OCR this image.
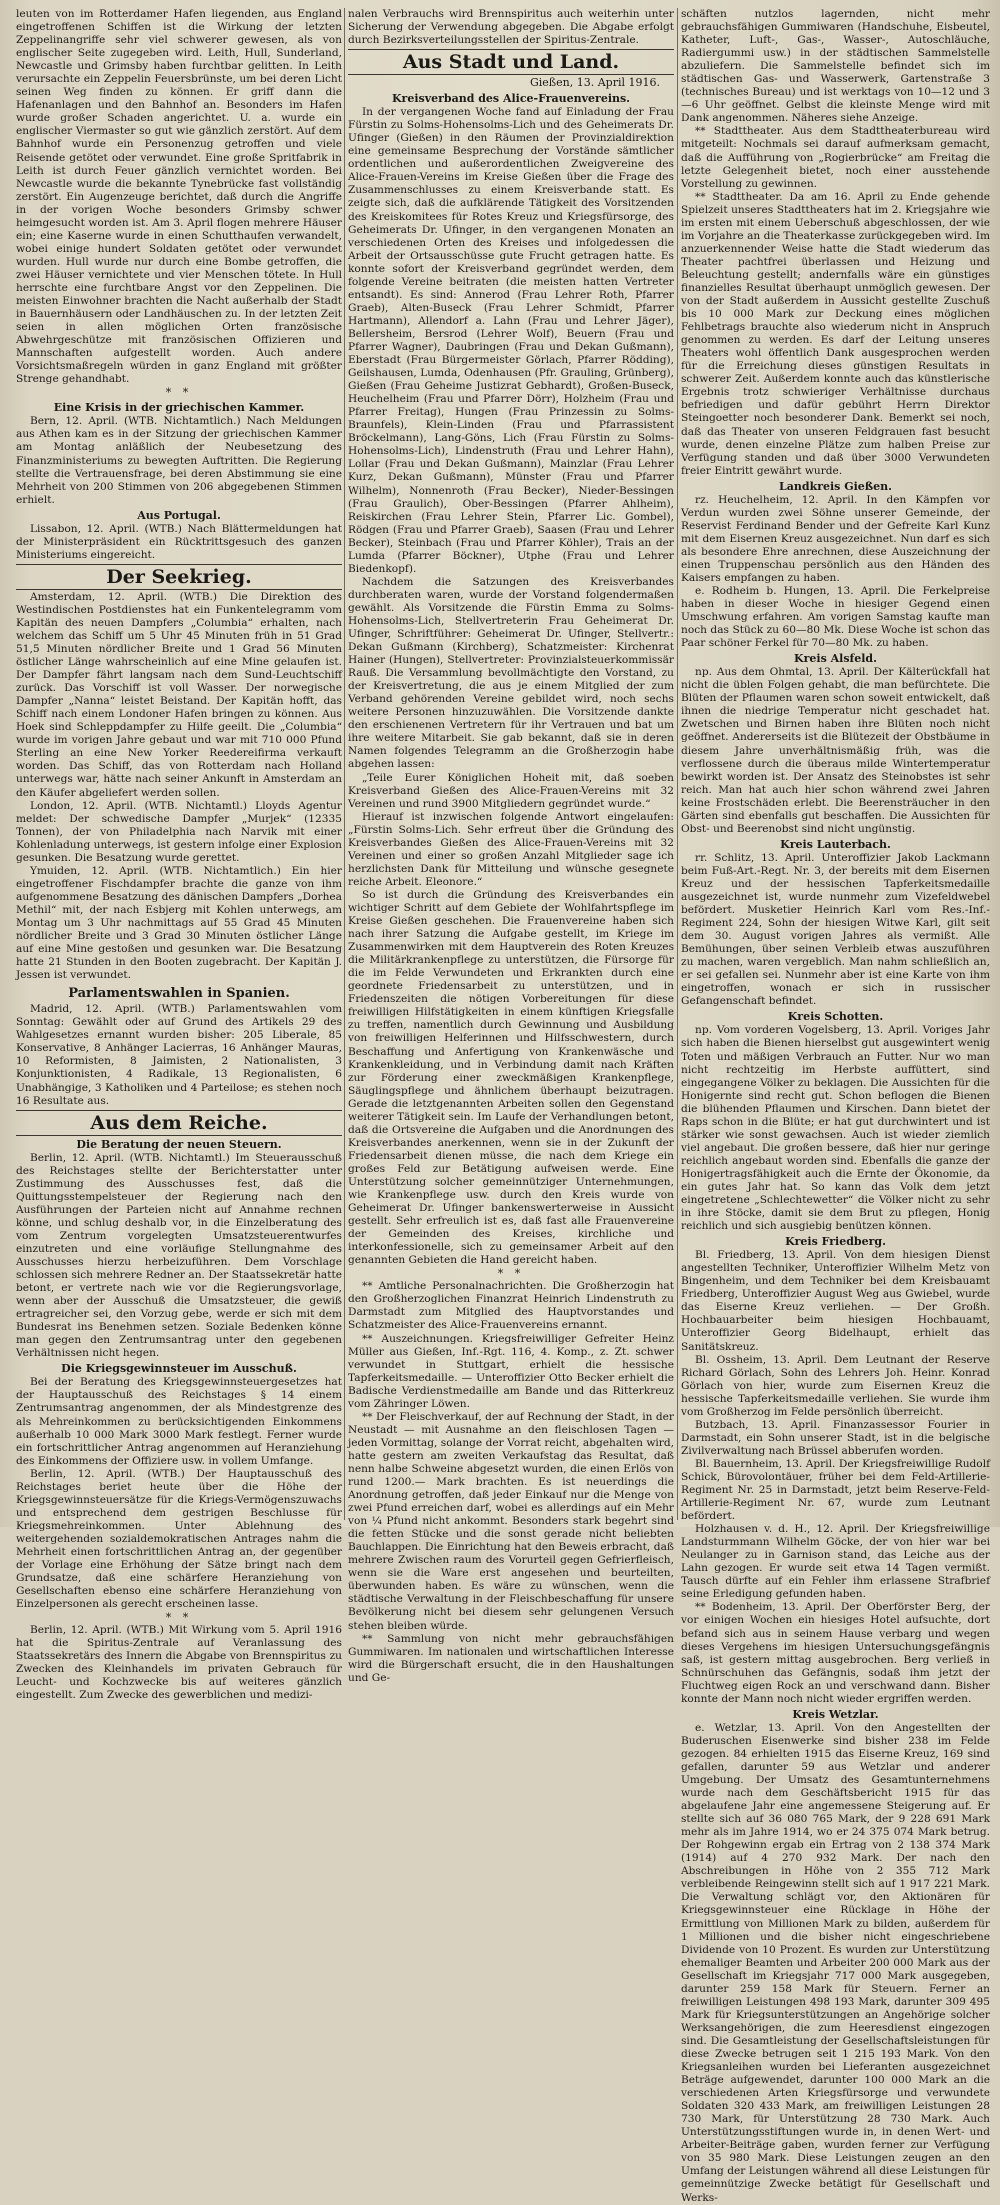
leuten von im Rotterdamer Hafen liegenden, aus England eingetroffenen Schiffen ist die Wirkung der letzten Zeppelinangriffe sehr viel schwerer gewesen, als von englischer Seite zugegeben wird. Leith, Hull, Sunderland, Newcastle und Grimsby haben furchtbar gelitten. In Leith verursachte ein Zeppelin Feuersbrünste, um bei deren Licht seinen Weg finden zu können. Er griff dann die Hafenanlagen und den Bahnhof an. Besonders im Hafen wurde großer Schaden angerichtet. U. a. wurde ein englischer Viermaster so gut wie gänzlich zerstört. Auf dem Bahnhof wurde ein Personenzug getroffen und viele Reisende getötet oder verwundet. Eine große Spritfabrik in Leith ist durch Feuer gänzlich vernichtet worden. Bei Newcastle wurde die bekannte Tynebrücke fast vollständig zerstört. Ein Augenzeuge berichtet, daß durch die Angriffe in der vorigen Woche besonders Grimsby schwer heimgesucht worden ist. Am 3. April flogen mehrere Häuser ein; eine Kaserne wurde in einen Schutthaufen verwandelt, wobei einige hundert Soldaten getötet oder verwundet wurden. Hull wurde nur durch eine Bombe getroffen, die zwei Häuser vernichtete und vier Menschen tötete. In Hull herrschte eine furchtbare Angst vor den Zeppelinen. Die meisten Einwohner brachten die Nacht außerhalb der Stadt in Bauernhäusern oder Landhäuschen zu. In der letzten Zeit seien in allen möglichen Orten französische Abwehrgeschütze mit französischen Offizieren und Mannschaften aufgestellt worden. Auch andere Vorsichtsmaßregeln würden in ganz England mit größter Strenge gehandhabt.

* *
Eine Krisis in der griechischen Kammer.

Bern, 12. April. (WTB. Nichtamtlich.) Nach Meldungen aus Athen kam es in der Sitzung der griechischen Kammer am Montag anläßlich der Neubesetzung des Finanzministeriums zu bewegten Auftritten. Die Regierung stellte die Vertrauensfrage, bei deren Abstimmung sie eine Mehrheit von 200 Stimmen von 206 abgegebenen Stimmen erhielt.

Aus Portugal.

Lissabon, 12. April. (WTB.) Nach Blättermeldungen hat der Ministerpräsident ein Rücktrittsgesuch des ganzen Ministeriums eingereicht.

Der Seekrieg.

Amsterdam, 12. April. (WTB.) Die Direktion des Westindischen Postdienstes hat ein Funkentelegramm vom Kapitän des neuen Dampfers „Columbia“ erhalten, nach welchem das Schiff um 5 Uhr 45 Minuten früh in 51 Grad 51,5 Minuten nördlicher Breite und 1 Grad 56 Minuten östlicher Länge wahrscheinlich auf eine Mine gelaufen ist. Der Dampfer fährt langsam nach dem Sund-Leuchtschiff zurück. Das Vorschiff ist voll Wasser. Der norwegische Dampfer „Nanna“ leistet Beistand. Der Kapitän hofft, das Schiff nach einem Londoner Hafen bringen zu können. Aus Hoek sind Schleppdampfer zu Hilfe geeilt. Die „Columbia“ wurde im vorigen Jahre gebaut und war mit 710 000 Pfund Sterling an eine New Yorker Reedereifirma verkauft worden. Das Schiff, das von Rotterdam nach Holland unterwegs war, hätte nach seiner Ankunft in Amsterdam an den Käufer abgeliefert werden sollen.

London, 12. April. (WTB. Nichtamtl.) Lloyds Agentur meldet: Der schwedische Dampfer „Murjek“ (12335 Tonnen), der von Philadelphia nach Narvik mit einer Kohlenladung unterwegs, ist gestern infolge einer Explosion gesunken. Die Besatzung wurde gerettet.

Ymuiden, 12. April. (WTB. Nichtamtlich.) Ein hier eingetroffener Fischdampfer brachte die ganze von ihm aufgenommene Besatzung des dänischen Dampfers „Dorhea Methil“ mit, der nach Esbjerg mit Kohlen unterwegs, am Montag um 3 Uhr nachmittags auf 55 Grad 45 Minuten nördlicher Breite und 3 Grad 30 Minuten östlicher Länge auf eine Mine gestoßen und gesunken war. Die Besatzung hatte 21 Stunden in den Booten zugebracht. Der Kapitän J. Jessen ist verwundet.

Parlamentswahlen in Spanien.

Madrid, 12. April. (WTB.) Parlamentswahlen vom Sonntag: Gewählt oder auf Grund des Artikels 29 des Wahlgesetzes ernannt wurden bisher: 205 Liberale, 85 Konservative, 8 Anhänger Lacierras, 16 Anhänger Mauras, 10 Reformisten, 8 Jaimisten, 2 Nationalisten, 3 Konjunktionisten, 4 Radikale, 13 Regionalisten, 6 Unabhängige, 3 Katholiken und 4 Parteilose; es stehen noch 16 Resultate aus.

Aus dem Reiche.
Die Beratung der neuen Steuern.

Berlin, 12. April. (WTB. Nichtamtl.) Im Steuerausschuß des Reichstages stellte der Berichterstatter unter Zustimmung des Ausschusses fest, daß die Quittungsstempelsteuer der Regierung nach den Ausführungen der Parteien nicht auf Annahme rechnen könne, und schlug deshalb vor, in die Einzelberatung des vom Zentrum vorgelegten Umsatzsteuerentwurfes einzutreten und eine vorläufige Stellungnahme des Ausschusses hierzu herbeizuführen. Dem Vorschlage schlossen sich mehrere Redner an. Der Staatssekretär hatte betont, er vertrete nach wie vor die Regierungsvorlage, wenn aber der Ausschuß die Umsatzsteuer, die gewiß ertragreicher sei, den Vorzug gebe, werde er sich mit dem Bundesrat ins Benehmen setzen. Soziale Bedenken könne man gegen den Zentrumsantrag unter den gegebenen Verhältnissen nicht hegen.

Die Kriegsgewinnsteuer im Ausschuß.

Bei der Beratung des Kriegsgewinnsteuergesetzes hat der Hauptausschuß des Reichstages § 14 einem Zentrumsantrag angenommen, der als Mindestgrenze des als Mehreinkommen zu berücksichtigenden Einkommens außerhalb 10 000 Mark 3000 Mark festlegt. Ferner wurde ein fortschrittlicher Antrag angenommen auf Heranziehung des Einkommens der Offiziere usw. in vollem Umfange.

Berlin, 12. April. (WTB.) Der Hauptausschuß des Reichstages beriet heute über die Höhe der Kriegsgewinnsteuersätze für die Kriegs-Vermögenszuwachs und entsprechend dem gestrigen Beschlusse für Kriegsmehreinkommen. Unter Ablehnung des weitergehenden sozialdemokratischen Antrages nahm die Mehrheit einen fortschrittlichen Antrag an, der gegenüber der Vorlage eine Erhöhung der Sätze bringt nach dem Grundsatze, daß eine schärfere Heranziehung von Gesellschaften ebenso eine schärfere Heranziehung von Einzelpersonen als gerecht erscheinen lasse.

* *

Berlin, 12. April. (WTB.) Mit Wirkung vom 5. April 1916 hat die Spiritus-Zentrale auf Veranlassung des Staatssekretärs des Innern die Abgabe von Brennspiritus zu Zwecken des Kleinhandels im privaten Gebrauch für Leucht- und Kochzwecke bis auf weiteres gänzlich eingestellt. Zum Zwecke des gewerblichen und medizi-

nalen Verbrauchs wird Brennspiritus auch weiterhin unter Sicherung der Verwendung abgegeben. Die Abgabe erfolgt durch Bezirksverteilungsstellen der Spiritus-Zentrale.

Aus Stadt und Land.
Gießen, 13. April 1916.
Kreisverband des Alice-Frauenvereins.

In der vergangenen Woche fand auf Einladung der Frau Fürstin zu Solms-Hohensolms-Lich und des Geheimerats Dr. Ufinger (Gießen) in den Räumen der Provinzialdirektion eine gemeinsame Besprechung der Vorstände sämtlicher ordentlichen und außerordentlichen Zweigvereine des Alice-Frauen-Vereins im Kreise Gießen über die Frage des Zusammenschlusses zu einem Kreisverbande statt. Es zeigte sich, daß die aufklärende Tätigkeit des Vorsitzenden des Kreiskomitees für Rotes Kreuz und Kriegsfürsorge, des Geheimerats Dr. Ufinger, in den vergangenen Monaten an verschiedenen Orten des Kreises und infolgedessen die Arbeit der Ortsausschüsse gute Frucht getragen hatte. Es konnte sofort der Kreisverband gegründet werden, dem folgende Vereine beitraten (die meisten hatten Vertreter entsandt). Es sind: Annerod (Frau Lehrer Roth, Pfarrer Graeb), Alten-Buseck (Frau Lehrer Schmidt, Pfarrer Hartmann), Allendorf a. Lahn (Frau und Lehrer Jäger), Bellersheim, Bersrod (Lehrer Wolf), Beuern (Frau und Pfarrer Wagner), Daubringen (Frau und Dekan Gußmann), Eberstadt (Frau Bürgermeister Görlach, Pfarrer Rödding), Geilshausen, Lumda, Odenhausen (Pfr. Grauling, Grünberg), Gießen (Frau Geheime Justizrat Gebhardt), Großen-Buseck, Heuchelheim (Frau und Pfarrer Dörr), Holzheim (Frau und Pfarrer Freitag), Hungen (Frau Prinzessin zu Solms-Braunfels), Klein-Linden (Frau und Pfarrassistent Bröckelmann), Lang-Göns, Lich (Frau Fürstin zu Solms-Hohensolms-Lich), Lindenstruth (Frau und Lehrer Hahn), Lollar (Frau und Dekan Gußmann), Mainzlar (Frau Lehrer Kurz, Dekan Gußmann), Münster (Frau und Pfarrer Wilhelm), Nonnenroth (Frau Becker), Nieder-Bessingen (Frau Graulich), Ober-Bessingen (Pfarrer Ahlheim), Reiskirchen (Frau Lehrer Stein, Pfarrer Lic. Gombel), Rödgen (Frau und Pfarrer Graeb), Saasen (Frau und Lehrer Becker), Steinbach (Frau und Pfarrer Köhler), Trais an der Lumda (Pfarrer Böckner), Utphe (Frau und Lehrer Biedenkopf).

Nachdem die Satzungen des Kreisverbandes durchberaten waren, wurde der Vorstand folgendermaßen gewählt. Als Vorsitzende die Fürstin Emma zu Solms-Hohensolms-Lich, Stellvertreterin Frau Geheimerat Dr. Ufinger, Schriftführer: Geheimerat Dr. Ufinger, Stellvertr.: Dekan Gußmann (Kirchberg), Schatzmeister: Kirchenrat Hainer (Hungen), Stellvertreter: Provinzialsteuerkommissär Rauß. Die Versammlung bevollmächtigte den Vorstand, zu der Kreisvertretung, die aus je einem Mitglied der zum Verband gehörenden Vereine gebildet wird, noch sechs weitere Personen hinzuzuwählen. Die Vorsitzende dankte den erschienenen Vertretern für ihr Vertrauen und bat um ihre weitere Mitarbeit. Sie gab bekannt, daß sie in deren Namen folgendes Telegramm an die Großherzogin habe abgehen lassen:

„Teile Eurer Königlichen Hoheit mit, daß soeben Kreisverband Gießen des Alice-Frauen-Vereins mit 32 Vereinen und rund 3900 Mitgliedern gegründet wurde.“

Hierauf ist inzwischen folgende Antwort eingelaufen: „Fürstin Solms-Lich. Sehr erfreut über die Gründung des Kreisverbandes Gießen des Alice-Frauen-Vereins mit 32 Vereinen und einer so großen Anzahl Mitglieder sage ich herzlichsten Dank für Mitteilung und wünsche gesegnete reiche Arbeit. Eleonore.“

So ist durch die Gründung des Kreisverbandes ein wichtiger Schritt auf dem Gebiete der Wohlfahrtspflege im Kreise Gießen geschehen. Die Frauenvereine haben sich nach ihrer Satzung die Aufgabe gestellt, im Kriege im Zusammenwirken mit dem Hauptverein des Roten Kreuzes die Militärkrankenpflege zu unterstützen, die Fürsorge für die im Felde Verwundeten und Erkrankten durch eine geordnete Friedensarbeit zu unterstützen, und in Friedenszeiten die nötigen Vorbereitungen für diese freiwilligen Hilfstätigkeiten in einem künftigen Kriegsfalle zu treffen, namentlich durch Gewinnung und Ausbildung von freiwilligen Helferinnen und Hilfsschwestern, durch Beschaffung und Anfertigung von Krankenwäsche und Krankenkleidung, und in Verbindung damit nach Kräften zur Förderung einer zweckmäßigen Krankenpflege, Säuglingspflege und ähnlichem überhaupt beizutragen. Gerade die letztgenannten Arbeiten sollen den Gegenstand weiterer Tätigkeit sein. Im Laufe der Verhandlungen betont, daß die Ortsvereine die Aufgaben und die Anordnungen des Kreisverbandes anerkennen, wenn sie in der Zukunft der Friedensarbeit dienen müsse, die nach dem Kriege ein großes Feld zur Betätigung aufweisen werde. Eine Unterstützung solcher gemeinnütziger Unternehmungen, wie Krankenpflege usw. durch den Kreis wurde von Geheimerat Dr. Ufinger bankenswerterweise in Aussicht gestellt. Sehr erfreulich ist es, daß fast alle Frauenvereine der Gemeinden des Kreises, kirchliche und interkonfessionelle, sich zu gemeinsamer Arbeit auf den genannten Gebieten die Hand gereicht haben.

* *

** Amtliche Personalnachrichten. Die Großherzogin hat den Großherzoglichen Finanzrat Heinrich Lindenstruth zu Darmstadt zum Mitglied des Hauptvorstandes und Schatzmeister des Alice-Frauenvereins ernannt.

** Auszeichnungen. Kriegsfreiwilliger Gefreiter Heinz Müller aus Gießen, Inf.-Rgt. 116, 4. Komp., z. Zt. schwer verwundet in Stuttgart, erhielt die hessische Tapferkeitsmedaille. — Unteroffizier Otto Becker erhielt die Badische Verdienstmedaille am Bande und das Ritterkreuz vom Zähringer Löwen.

** Der Fleischverkauf, der auf Rechnung der Stadt, in der Neustadt — mit Ausnahme an den fleischlosen Tagen — jeden Vormittag, solange der Vorrat reicht, abgehalten wird, hatte gestern am zweiten Verkaufstag das Resultat, daß nenn halbe Schweine abgesetzt wurden, die einen Erlös von rund 1200.— Mark brachten. Es ist neuerdings die Anordnung getroffen, daß jeder Einkauf nur die Menge von zwei Pfund erreichen darf, wobei es allerdings auf ein Mehr von ¼ Pfund nicht ankommt. Besonders stark begehrt sind die fetten Stücke und die sonst gerade nicht beliebten Bauchlappen. Die Einrichtung hat den Beweis erbracht, daß mehrere Zwischen raum des Vorurteil gegen Gefrierfleisch, wenn sie die Ware erst angesehen und beurteilten, überwunden haben. Es wäre zu wünschen, wenn die städtische Verwaltung in der Fleischbeschaffung für unsere Bevölkerung nicht bei diesem sehr gelungenen Versuch stehen bleiben würde.

** Sammlung von nicht mehr gebrauchsfähigen Gummiwaren. Im nationalen und wirtschaftlichen Interesse wird die Bürgerschaft ersucht, die in den Haushaltungen und Ge-

schäften nutzlos lagernden, nicht mehr gebrauchsfähigen Gummiwaren (Handschuhe, Eisbeutel, Katheter, Luft-, Gas-, Wasser-, Autoschläuche, Radiergummi usw.) in der städtischen Sammelstelle abzuliefern. Die Sammelstelle befindet sich im städtischen Gas- und Wasserwerk, Gartenstraße 3 (technisches Bureau) und ist werktags von 10—12 und 3—6 Uhr geöffnet. Gelbst die kleinste Menge wird mit Dank angenommen. Näheres siehe Anzeige.

** Stadttheater. Aus dem Stadttheaterbureau wird mitgeteilt: Nochmals sei darauf aufmerksam gemacht, daß die Aufführung von „Rogierbrücke“ am Freitag die letzte Gelegenheit bietet, noch einer ausstehende Vorstellung zu gewinnen.

** Stadttheater. Da am 16. April zu Ende gehende Spielzeit unseres Stadttheaters hat im 2. Kriegsjahre wie im ersten mit einem Ueberschuß abgeschlossen, der wie im Vorjahre an die Theaterkasse zurückgegeben wird. Im anzuerkennender Weise hatte die Stadt wiederum das Theater pachtfrei überlassen und Heizung und Beleuchtung gestellt; andernfalls wäre ein günstiges finanzielles Resultat überhaupt unmöglich gewesen. Der von der Stadt außerdem in Aussicht gestellte Zuschuß bis 10 000 Mark zur Deckung eines möglichen Fehlbetrags brauchte also wiederum nicht in Anspruch genommen zu werden. Es darf der Leitung unseres Theaters wohl öffentlich Dank ausgesprochen werden für die Erreichung dieses günstigen Resultats in schwerer Zeit. Außerdem konnte auch das künstlerische Ergebnis trotz schwieriger Verhältnisse durchaus befriedigen und dafür gebührt Herrn Direktor Steingoetter noch besonderer Dank. Bemerkt sei noch, daß das Theater von unseren Feldgrauen fast besucht wurde, denen einzelne Plätze zum halben Preise zur Verfügung standen und daß über 3000 Verwundeten freier Eintritt gewährt wurde.

Landkreis Gießen.

rz. Heuchelheim, 12. April. In den Kämpfen vor Verdun wurden zwei Söhne unserer Gemeinde, der Reservist Ferdinand Bender und der Gefreite Karl Kunz mit dem Eisernen Kreuz ausgezeichnet. Nun darf es sich als besondere Ehre anrechnen, diese Auszeichnung der einen Truppenschau persönlich aus den Händen des Kaisers empfangen zu haben.

e. Rodheim b. Hungen, 13. April. Die Ferkelpreise haben in dieser Woche in hiesiger Gegend einen Umschwung erfahren. Am vorigen Samstag kaufte man noch das Stück zu 60—80 Mk. Diese Woche ist schon das Paar schöner Ferkel für 70—80 Mk. zu haben.

Kreis Alsfeld.

np. Aus dem Ohmtal, 13. April. Der Kälterückfall hat nicht die üblen Folgen gehabt, die man befürchtete. Die Blüten der Pflaumen waren schon soweit entwickelt, daß ihnen die niedrige Temperatur nicht geschadet hat. Zwetschen und Birnen haben ihre Blüten noch nicht geöffnet. Andererseits ist die Blütezeit der Obstbäume in diesem Jahre unverhältnismäßig früh, was die verflossene durch die überaus milde Wintertemperatur bewirkt worden ist. Der Ansatz des Steinobstes ist sehr reich. Man hat auch hier schon während zwei Jahren keine Frostschäden erlebt. Die Beerensträucher in den Gärten sind ebenfalls gut beschaffen. Die Aussichten für Obst- und Beerenobst sind nicht ungünstig.

Kreis Lauterbach.

rr. Schlitz, 13. April. Unteroffizier Jakob Lackmann beim Fuß-Art.-Regt. Nr. 3, der bereits mit dem Eisernen Kreuz und der hessischen Tapferkeitsmedaille ausgezeichnet ist, wurde nunmehr zum Vizefeldwebel befördert. Musketier Heinrich Karl vom Res.-Inf.-Regiment 224, Sohn der hiesigen Witwe Karl, gilt seit dem 30. August vorigen Jahres als vermißt. Alle Bemühungen, über seinen Verbleib etwas auszuführen zu machen, waren vergeblich. Man nahm schließlich an, er sei gefallen sei. Nunmehr aber ist eine Karte von ihm eingetroffen, wonach er sich in russischer Gefangenschaft befindet.

Kreis Schotten.

np. Vom vorderen Vogelsberg, 13. April. Voriges Jahr sich haben die Bienen hierselbst gut ausgewintert wenig Toten und mäßigen Verbrauch an Futter. Nur wo man nicht rechtzeitig im Herbste auffüttert, sind eingegangene Völker zu beklagen. Die Aussichten für die Honigernte sind recht gut. Schon beflogen die Bienen die blühenden Pflaumen und Kirschen. Dann bietet der Raps schon in die Blüte; er hat gut durchwintert und ist stärker wie sonst gewachsen. Auch ist wieder ziemlich viel angebaut. Die großen bessere, daß hier nur geringe reichlich angebaut worden sind. Ebenfalls die ganze der Honigertragsfähigkeit auch die Ernte der Ökonomie, da ein gutes Jahr hat. So kann das Volk dem jetzt eingetretene „Schlechtewetter“ die Völker nicht zu sehr in ihre Stöcke, damit sie dem Brut zu pflegen, Honig reichlich und sich ausgiebig benützen können.

Kreis Friedberg.

Bl. Friedberg, 13. April. Von dem hiesigen Dienst angestellten Techniker, Unteroffizier Wilhelm Metz von Bingenheim, und dem Techniker bei dem Kreisbauamt Friedberg, Unteroffizier August Weg aus Gwiebel, wurde das Eiserne Kreuz verliehen. — Der Großh. Hochbauarbeiter beim hiesigen Hochbauamt, Unteroffizier Georg Bidelhaupt, erhielt das Sanitätskreuz.

Bl. Ossheim, 13. April. Dem Leutnant der Reserve Richard Görlach, Sohn des Lehrers Joh. Heinr. Konrad Görlach von hier, wurde zum Eisernen Kreuz die hessische Tapferkeitsmedaille verliehen. Sie wurde ihm vom Großherzog im Felde persönlich überreicht.

Butzbach, 13. April. Finanzassessor Fourier in Darmstadt, ein Sohn unserer Stadt, ist in die belgische Zivilverwaltung nach Brüssel abberufen worden.

Bl. Bauernheim, 13. April. Der Kriegsfreiwillige Rudolf Schick, Bürovolontäuer, früher bei dem Feld-Artillerie-Regiment Nr. 25 in Darmstadt, jetzt beim Reserve-Feld-Artillerie-Regiment Nr. 67, wurde zum Leutnant befördert.

Holzhausen v. d. H., 12. April. Der Kriegsfreiwillige Landsturmmann Wilhelm Göcke, der von hier war bei Neulanger zu in Garnison stand, das Leiche aus der Lahn gezogen. Er wurde seit etwa 14 Tagen vermißt. Tausch dürfte auf ein Fehler ihm erlassene Strafbrief seine Erledigung gefunden haben.

** Bodenheim, 13. April. Der Oberförster Berg, der vor einigen Wochen ein hiesiges Hotel aufsuchte, dort befand sich aus in seinem Hause verbarg und wegen dieses Vergehens im hiesigen Untersuchungsgefängnis saß, ist gestern mittag ausgebrochen. Berg verließ in Schnürschuhen das Gefängnis, sodaß ihm jetzt der Fluchtweg eigen Rock an und verschwand dann. Bisher konnte der Mann noch nicht wieder ergriffen werden.

Kreis Wetzlar.

e. Wetzlar, 13. April. Von den Angestellten der Buderuschen Eisenwerke sind bisher 238 im Felde gezogen. 84 erhielten 1915 das Eiserne Kreuz, 169 sind gefallen, darunter 59 aus Wetzlar und anderer Umgebung. Der Umsatz des Gesamtunternehmens wurde nach dem Geschäftsbericht 1915 für das abgelaufene Jahr eine angemessene Steigerung auf. Er stellte sich auf 36 080 765 Mark, der 9 228 691 Mark mehr als im Jahre 1914, wo er 24 375 074 Mark betrug. Der Rohgewinn ergab ein Ertrag von 2 138 374 Mark (1914) auf 4 270 932 Mark. Der nach den Abschreibungen in Höhe von 2 355 712 Mark verbleibende Reingewinn stellt sich auf 1 917 221 Mark. Die Verwaltung schlägt vor, den Aktionären für Kriegsgewinnsteuer eine Rücklage in Höhe der Ermittlung von Millionen Mark zu bilden, außerdem für 1 Millionen und die bisher nicht eingeschriebene Dividende von 10 Prozent. Es wurden zur Unterstützung ehemaliger Beamten und Arbeiter 200 000 Mark aus der Gesellschaft im Kriegsjahr 717 000 Mark ausgegeben, darunter 259 158 Mark für Steuern. Ferner an freiwilligen Leistungen 498 193 Mark, darunter 309 495 Mark für Kriegsunterstützungen an Angehörige solcher Werksangehörigen, die zum Heeresdienst eingezogen sind. Die Gesamtleistung der Gesellschaftsleistungen für diese Zwecke betrugen seit 1 215 193 Mark. Von den Kriegsanleihen wurden bei Lieferanten ausgezeichnet Beträge aufgewendet, darunter 100 000 Mark an die verschiedenen Arten Kriegsfürsorge und verwundete Soldaten 320 433 Mark, am freiwilligen Leistungen 28 730 Mark, für Unterstützung 28 730 Mark. Auch Unterstützungsstiftungen wurde in, in denen Wert- und Arbeiter-Beiträge gaben, wurden ferner zur Verfügung von 35 980 Mark. Diese Leistungen zeugen an den Umfang der Leistungen während all diese Leistungen für gemeinnützige Zwecke betätigt für Gesellschaft und Werks-
